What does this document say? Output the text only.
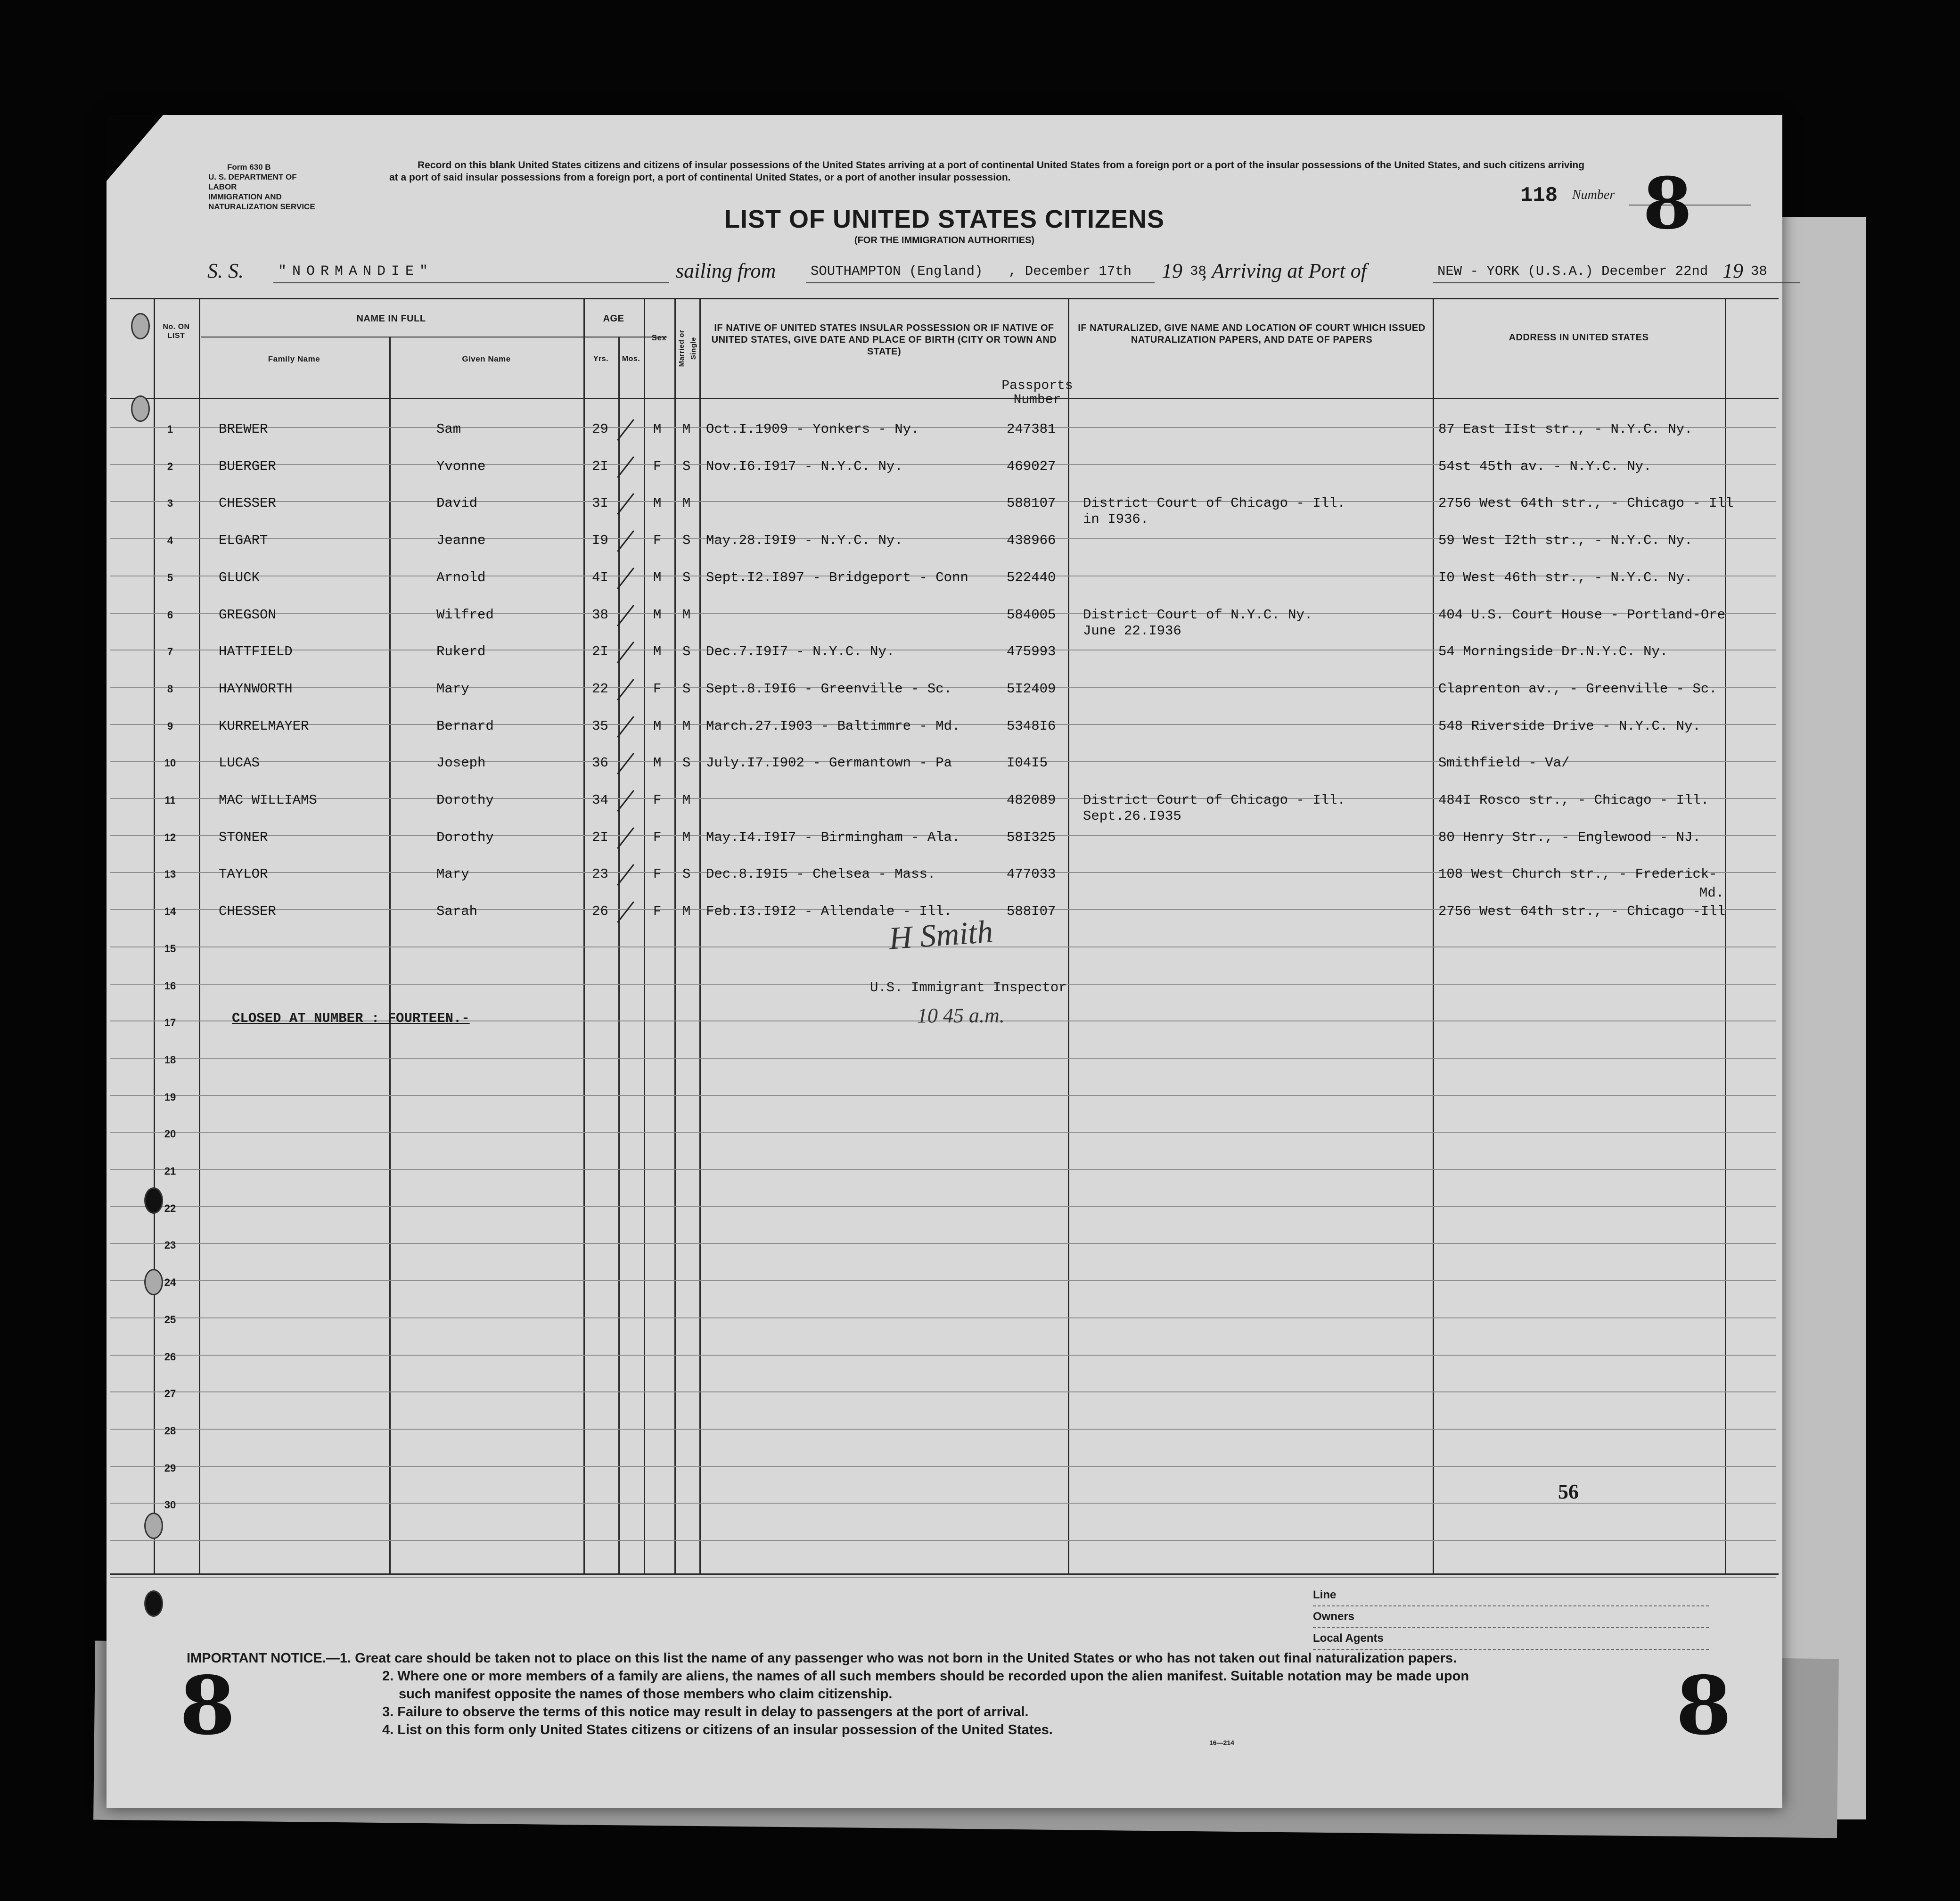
Form 630 B
U. S. DEPARTMENT OF LABOR
IMMIGRATION AND NATURALIZATION SERVICE
Record on this blank United States citizens and citizens of insular possessions of the United States arriving at a port of continental United States from a foreign port or a port of the insular possessions of the United States, and such citizens arriving at a port of said insular possessions from a foreign port, a port of continental United States, or a port of another insular possession.
118 Number 8
LIST OF UNITED STATES CITIZENS
(FOR THE IMMIGRATION AUTHORITIES)
S. S. "NORMANDIE"	sailing from	SOUTHAMPTON (England) , December 17th 19 38
, Arriving at Port of	NEW - YORK (U.S.A.) December 22nd 19 38
No. ON LIST
NAME IN FULL
Family Name	Given Name
AGE
Yrs.	Mos.
Sex	Married or Single
IF NATIVE OF UNITED STATES INSULAR POSSESSION OR IF NATIVE OF UNITED STATES, GIVE DATE AND PLACE OF BIRTH (CITY OR TOWN AND STATE)
IF NATURALIZED, GIVE NAME AND LOCATION OF COURT WHICH ISSUED NATURALIZATION PAPERS, AND DATE OF PAPERS	ADDRESS IN UNITED STATES
Passports Number
1	BREWER	Sam	29	M M Oct.I.1909 - Yonkers - Ny.	247381	87 East IIst str., - N.Y.C. Ny.
2	BUERGER	Yvonne	2I	F S Nov.I6.I917 - N.Y.C. Ny.	469027	54st 45th av. - N.Y.C. Ny.
3	CHESSER	David	3I	M M	588107 District Court of Chicago - Ill.	2756 West 64th str., - Chicago - Ill
in I936.
4	ELGART	Jeanne	I9	F S May.28.I9I9 - N.Y.C. Ny.	438966	59 West I2th str., - N.Y.C. Ny.
5	GLUCK	Arnold	4I	M S Sept.I2.I897 - Bridgeport - Conn	522440	I0 West 46th str., - N.Y.C. Ny.
6	GREGSON	Wilfred	38	M M	584005 District Court of N.Y.C. Ny.	404 U.S. Court House - Portland-Ore
June 22.I936
7	HATTFIELD	Rukerd	2I	M S Dec.7.I9I7 - N.Y.C. Ny.	475993	54 Morningside Dr.N.Y.C. Ny.
8	HAYNWORTH	Mary	22	F S Sept.8.I9I6 - Greenville - Sc.	5I2409	Claprenton av., - Greenville - Sc.
9	KURRELMAYER	Bernard	35	M M March.27.I903 - Baltimmre - Md.	5348I6	548 Riverside Drive - N.Y.C. Ny.
10	LUCAS	Joseph	36	M S July.I7.I902 - Germantown - Pa	I04I5	Smithfield - Va/
11	MAC WILLIAMS	Dorothy	34	F M	482089 District Court of Chicago - Ill.	484I Rosco str., - Chicago - Ill.
Sept.26.I935
12	STONER	Dorothy	2I	F M May.I4.I9I7 - Birmingham - Ala.	58I325	80 Henry Str., - Englewood - NJ.
13	TAYLOR	Mary	23	F S Dec.8.I9I5 - Chelsea - Mass.	477033	108 West Church str., - Frederick-
Md.
14	CHESSER	Sarah	26	F M Feb.I3.I9I2 - Allendale - Ill.	588I07	2756 West 64th str., - Chicago -Ill
15
16
17
18
19
20
21
22
23
24
25
26
27
28
29
30
CLOSED AT NUMBER : FOURTEEN.-
H Smith
U.S. Immigrant Inspector
10 45 a.m.
56
Line
Owners
Local Agents
IMPORTANT NOTICE.—1. Great care should be taken not to place on this list the name of any passenger who was not born in the United States or who has not taken out final naturalization papers.
2. Where one or more members of a family are aliens, the names of all such members should be recorded upon the alien manifest. Suitable notation may be made upon
such manifest opposite the names of those members who claim citizenship.
3. Failure to observe the terms of this notice may result in delay to passengers at the port of arrival.
4. List on this form only United States citizens or citizens of an insular possession of the United States.
16—214
8	8
